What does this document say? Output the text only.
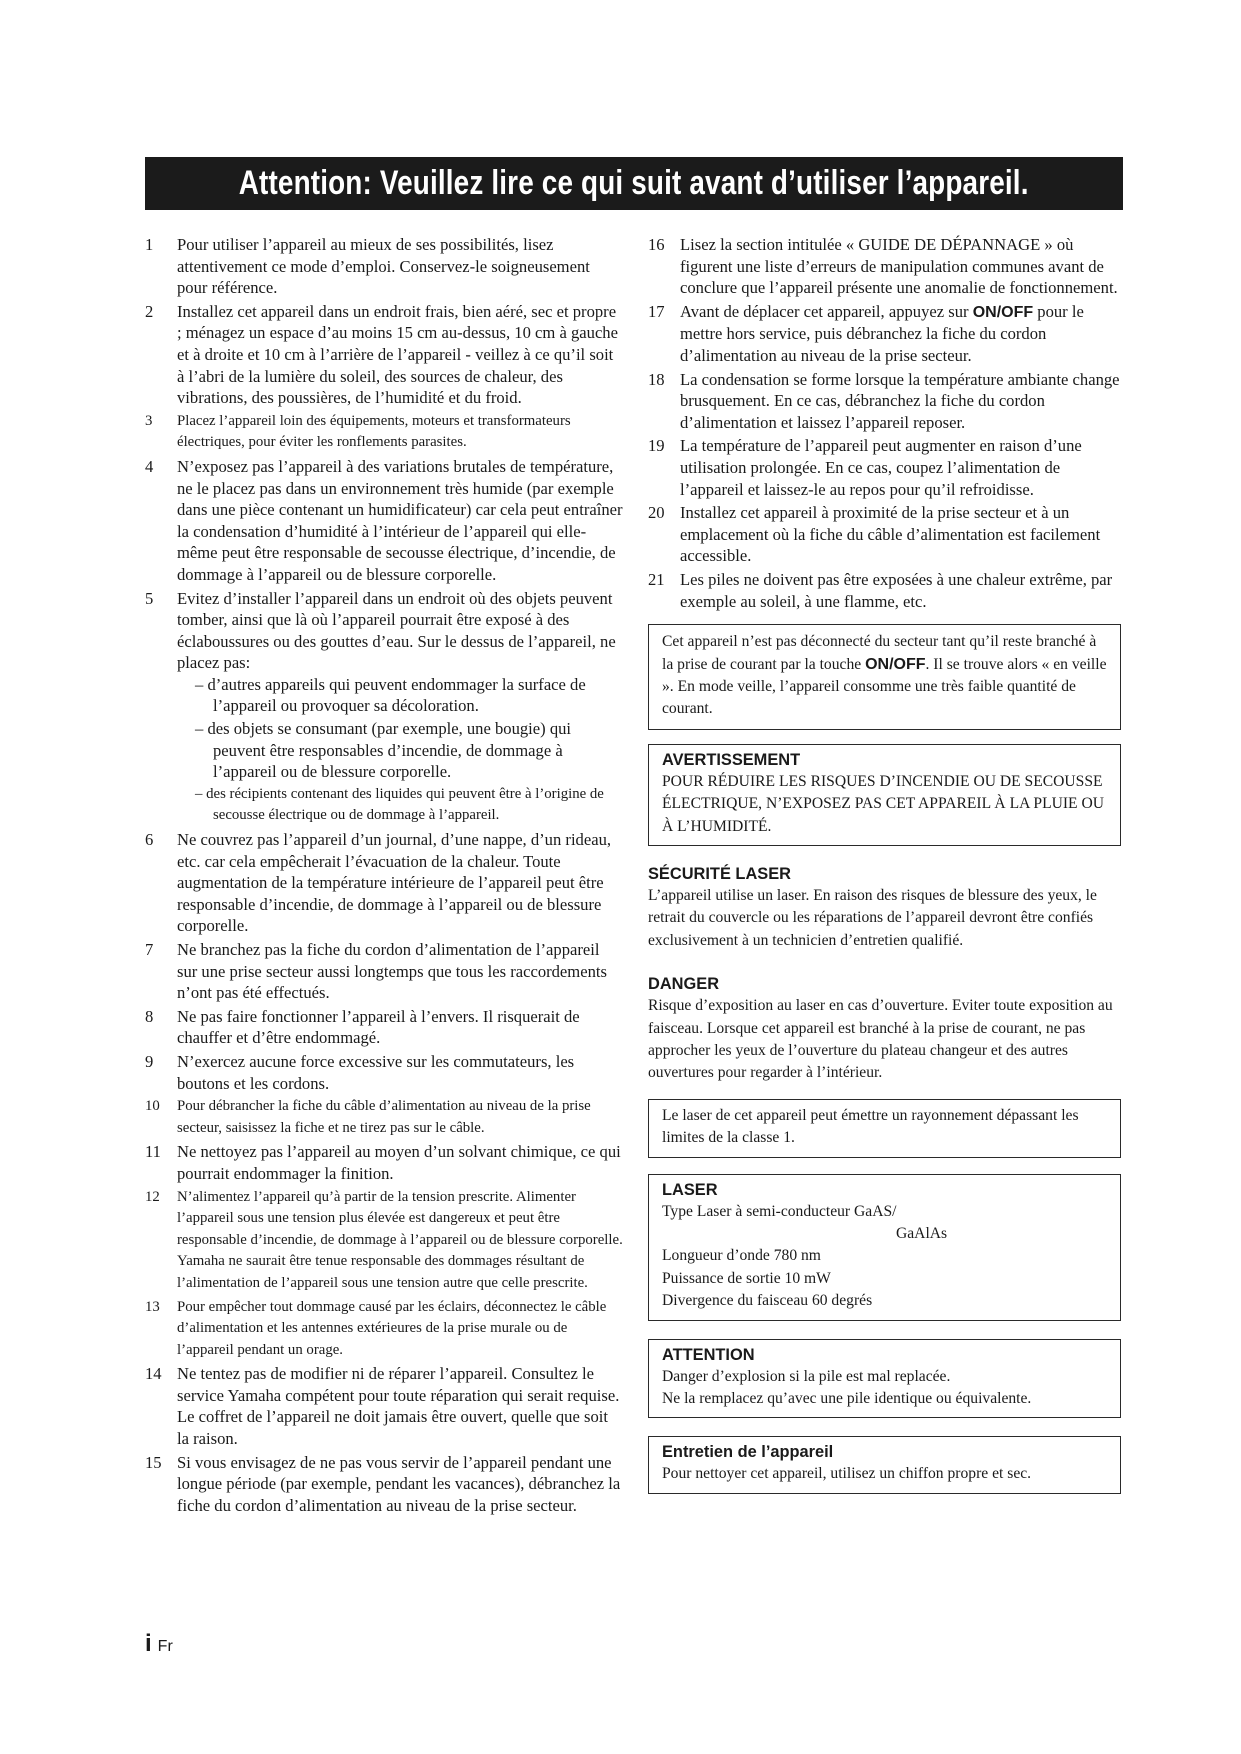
Attention: Veuillez lire ce qui suit avant d’utiliser l’appareil.
1 Pour utiliser l’appareil au mieux de ses possibilités, lisez attentivement ce mode d’emploi. Conservez-le soigneusement pour référence.
2 Installez cet appareil dans un endroit frais, bien aéré, sec et propre ; ménagez un espace d’au moins 15 cm au-dessus, 10 cm à gauche et à droite et 10 cm à l’arrière de l’appareil - veillez à ce qu’il soit à l’abri de la lumière du soleil, des sources de chaleur, des vibrations, des poussières, de l’humidité et du froid.
3 Placez l’appareil loin des équipements, moteurs et transformateurs électriques, pour éviter les ronflements parasites.
4 N’exposez pas l’appareil à des variations brutales de température, ne le placez pas dans un environnement très humide (par exemple dans une pièce contenant un humidificateur) car cela peut entraîner la condensation d’humidité à l’intérieur de l’appareil qui elle-même peut être responsable de secousse électrique, d’incendie, de dommage à l’appareil ou de blessure corporelle.
5 Evitez d’installer l’appareil dans un endroit où des objets peuvent tomber, ainsi que là où l’appareil pourrait être exposé à des éclaboussures ou des gouttes d’eau. Sur le dessus de l’appareil, ne placez pas:
– d’autres appareils qui peuvent endommager la surface de l’appareil ou provoquer sa décoloration.
– des objets se consumant (par exemple, une bougie) qui peuvent être responsables d’incendie, de dommage à l’appareil ou de blessure corporelle.
– des récipients contenant des liquides qui peuvent être à l’origine de secousse électrique ou de dommage à l’appareil.
6 Ne couvrez pas l’appareil d’un journal, d’une nappe, d’un rideau, etc. car cela empêcherait l’évacuation de la chaleur. Toute augmentation de la température intérieure de l’appareil peut être responsable d’incendie, de dommage à l’appareil ou de blessure corporelle.
7 Ne branchez pas la fiche du cordon d’alimentation de l’appareil sur une prise secteur aussi longtemps que tous les raccordements n’ont pas été effectués.
8 Ne pas faire fonctionner l’appareil à l’envers. Il risquerait de chauffer et d’être endommagé.
9 N’exercez aucune force excessive sur les commutateurs, les boutons et les cordons.
10 Pour débrancher la fiche du câble d’alimentation au niveau de la prise secteur, saisissez la fiche et ne tirez pas sur le câble.
11 Ne nettoyez pas l’appareil au moyen d’un solvant chimique, ce qui pourrait endommager la finition.
12 N’alimentez l’appareil qu’à partir de la tension prescrite. Alimenter l’appareil sous une tension plus élevée est dangereux et peut être responsable d’incendie, de dommage à l’appareil ou de blessure corporelle. Yamaha ne saurait être tenue responsable des dommages résultant de l’alimentation de l’appareil sous une tension autre que celle prescrite.
13 Pour empêcher tout dommage causé par les éclairs, déconnectez le câble d’alimentation et les antennes extérieures de la prise murale ou de l’appareil pendant un orage.
14 Ne tentez pas de modifier ni de réparer l’appareil. Consultez le service Yamaha compétent pour toute réparation qui serait requise. Le coffret de l’appareil ne doit jamais être ouvert, quelle que soit la raison.
15 Si vous envisagez de ne pas vous servir de l’appareil pendant une longue période (par exemple, pendant les vacances), débranchez la fiche du cordon d’alimentation au niveau de la prise secteur.
16 Lisez la section intitulée « GUIDE DE DÉPANNAGE » où figurent une liste d’erreurs de manipulation communes avant de conclure que l’appareil présente une anomalie de fonctionnement.
17 Avant de déplacer cet appareil, appuyez sur ON/OFF pour le mettre hors service, puis débranchez la fiche du cordon d’alimentation au niveau de la prise secteur.
18 La condensation se forme lorsque la température ambiante change brusquement. En ce cas, débranchez la fiche du cordon d’alimentation et laissez l’appareil reposer.
19 La température de l’appareil peut augmenter en raison d’une utilisation prolongée. En ce cas, coupez l’alimentation de l’appareil et laissez-le au repos pour qu’il refroidisse.
20 Installez cet appareil à proximité de la prise secteur et à un emplacement où la fiche du câble d’alimentation est facilement accessible.
21 Les piles ne doivent pas être exposées à une chaleur extrême, par exemple au soleil, à une flamme, etc.
Cet appareil n’est pas déconnecté du secteur tant qu’il reste branché à la prise de courant par la touche ON/OFF. Il se trouve alors « en veille ». En mode veille, l’appareil consomme une très faible quantité de courant.
AVERTISSEMENT
POUR RÉDUIRE LES RISQUES D’INCENDIE OU DE SECOUSSE ÉLECTRIQUE, N’EXPOSEZ PAS CET APPAREIL À LA PLUIE OU À L’HUMIDITÉ.
SÉCURITÉ LASER
L’appareil utilise un laser. En raison des risques de blessure des yeux, le retrait du couvercle ou les réparations de l’appareil devront être confiés exclusivement à un technicien d’entretien qualifié.
DANGER
Risque d’exposition au laser en cas d’ouverture. Eviter toute exposition au faisceau. Lorsque cet appareil est branché à la prise de courant, ne pas approcher les yeux de l’ouverture du plateau changeur et des autres ouvertures pour regarder à l’intérieur.
Le laser de cet appareil peut émettre un rayonnement dépassant les limites de la classe 1.
LASER
Type Laser à semi-conducteur GaAS/
GaAlAs
Longueur d’onde 780 nm
Puissance de sortie 10 mW
Divergence du faisceau 60 degrés
ATTENTION
Danger d’explosion si la pile est mal replacée.
Ne la remplacez qu’avec une pile identique ou équivalente.
Entretien de l’appareil
Pour nettoyer cet appareil, utilisez un chiffon propre et sec.
i Fr
